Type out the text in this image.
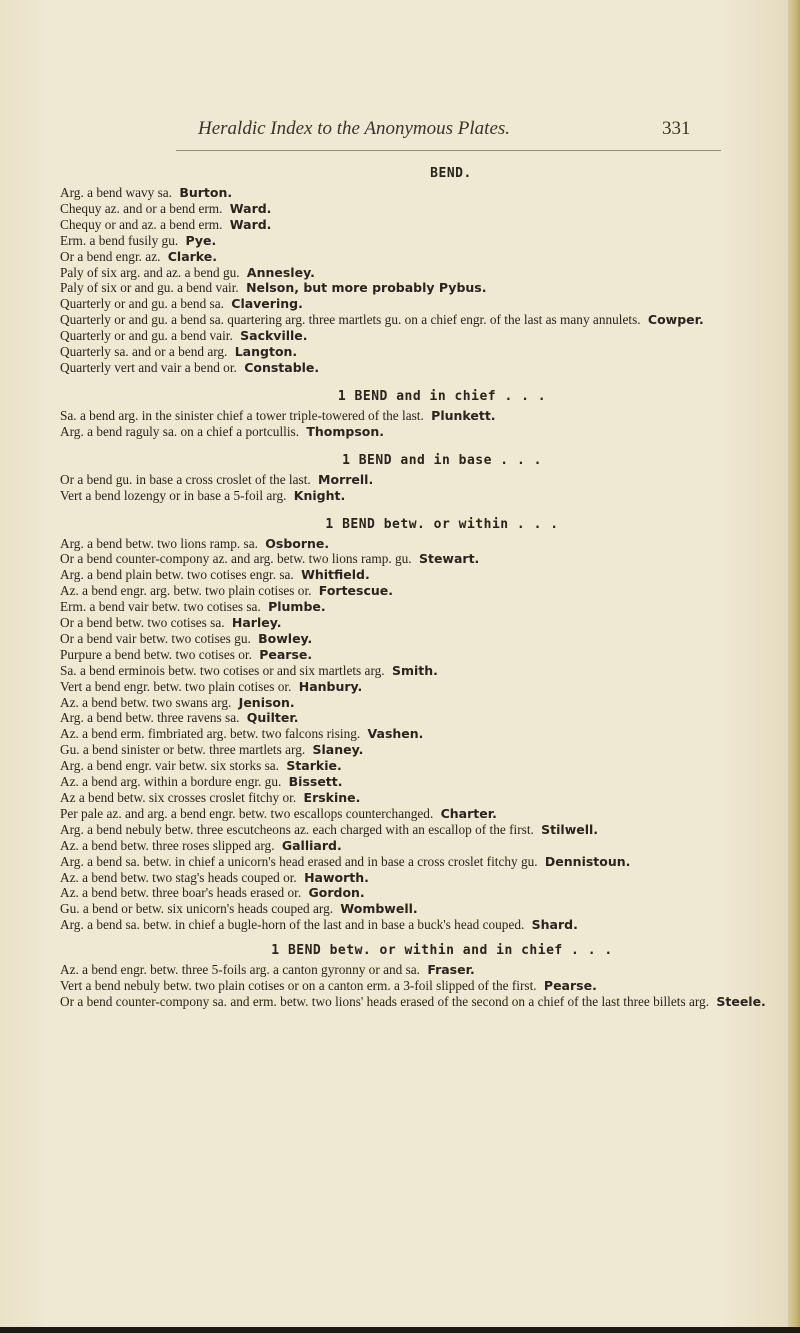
Heraldic Index to the Anonymous Plates.	331
BEND.
Arg. a bend wavy sa. Burton.
Chequy az. and or a bend erm. Ward.
Chequy or and az. a bend erm. Ward.
Erm. a bend fusily gu. Pye.
Or a bend engr. az. Clarke.
Paly of six arg. and az. a bend gu. Annesley.
Paly of six or and gu. a bend vair. Nelson, but more probably Pybus.
Quarterly or and gu. a bend sa. Clavering.
Quarterly or and gu. a bend sa. quartering arg. three martlets gu. on a chief engr. of the last as many annulets. Cowper.
Quarterly or and gu. a bend vair. Sackville.
Quarterly sa. and or a bend arg. Langton.
Quarterly vert and vair a bend or. Constable.
1 BEND and in chief . . .
Sa. a bend arg. in the sinister chief a tower triple-towered of the last. Plunkett.
Arg. a bend raguly sa. on a chief a portcullis. Thompson.
1 BEND and in base . . .
Or a bend gu. in base a cross croslet of the last. Morrell.
Vert a bend lozengy or in base a 5-foil arg. Knight.
1 BEND betw. or within . . .
Arg. a bend betw. two lions ramp. sa. Osborne.
Or a bend counter-compony az. and arg. betw. two lions ramp. gu. Stewart.
Arg. a bend plain betw. two cotises engr. sa. Whitfield.
Az. a bend engr. arg. betw. two plain cotises or. Fortescue.
Erm. a bend vair betw. two cotises sa. Plumbe.
Or a bend betw. two cotises sa. Harley.
Or a bend vair betw. two cotises gu. Bowley.
Purpure a bend betw. two cotises or. Pearse.
Sa. a bend erminois betw. two cotises or and six martlets arg. Smith.
Vert a bend engr. betw. two plain cotises or. Hanbury.
Az. a bend betw. two swans arg. Jenison.
Arg. a bend betw. three ravens sa. Quilter.
Az. a bend erm. fimbriated arg. betw. two falcons rising. Vashen.
Gu. a bend sinister or betw. three martlets arg. Slaney.
Arg. a bend engr. vair betw. six storks sa. Starkie.
Az. a bend arg. within a bordure engr. gu. Bissett.
Az a bend betw. six crosses croslet fitchy or. Erskine.
Per pale az. and arg. a bend engr. betw. two escallops counterchanged. Charter.
Arg. a bend nebuly betw. three escutcheons az. each charged with an escallop of the first. Stilwell.
Az. a bend betw. three roses slipped arg. Galliard.
Arg. a bend sa. betw. in chief a unicorn's head erased and in base a cross croslet fitchy gu. Dennistoun.
Az. a bend betw. two stag's heads couped or. Haworth.
Az. a bend betw. three boar's heads erased or. Gordon.
Gu. a bend or betw. six unicorn's heads couped arg. Wombwell.
Arg. a bend sa. betw. in chief a bugle-horn of the last and in base a buck's head couped. Shard.
1 BEND betw. or within and in chief . . .
Az. a bend engr. betw. three 5-foils arg. a canton gyronny or and sa. Fraser.
Vert a bend nebuly betw. two plain cotises or on a canton erm. a 3-foil slipped of the first. Pearse.
Or a bend counter-compony sa. and erm. betw. two lions' heads erased of the second on a chief of the last three billets arg. Steele.
